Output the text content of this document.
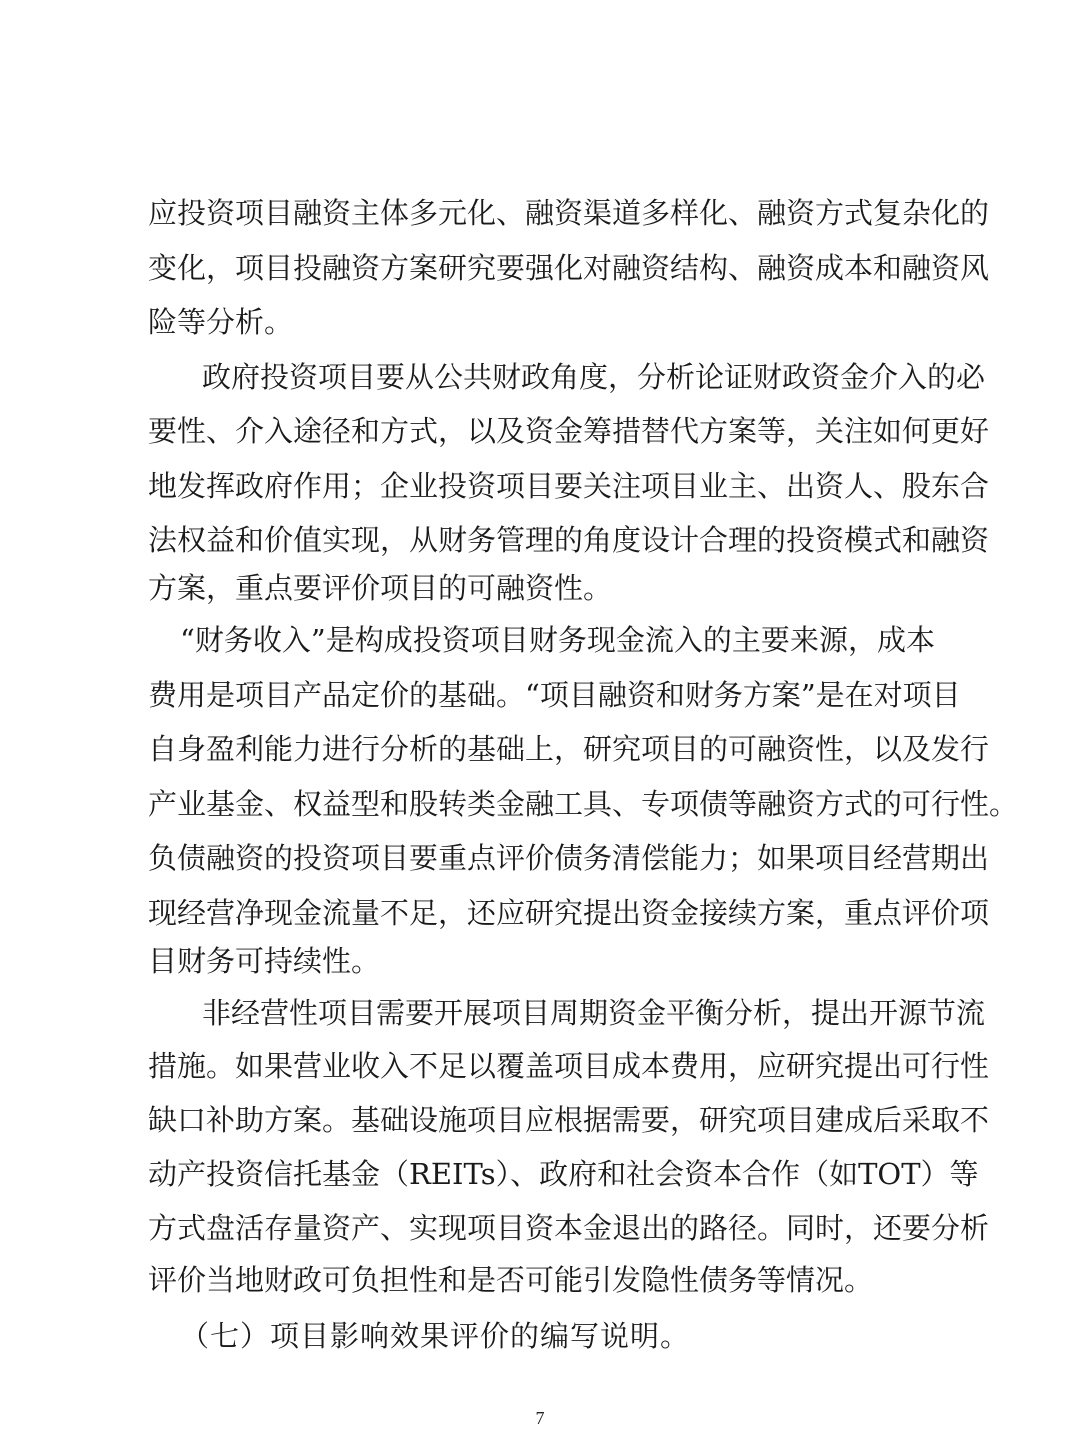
应投资项目融资主体多元化、融资渠道多样化、融资方式复杂化的
变化，项目投融资方案研究要强化对融资结构、融资成本和融资风
险等分析。
政府投资项目要从公共财政角度，分析论证财政资金介入的必
要性、介入途径和方式，以及资金筹措替代方案等，关注如何更好
地发挥政府作用；企业投资项目要关注项目业主、出资人、股东合
法权益和价值实现，从财务管理的角度设计合理的投资模式和融资
方案，重点要评价项目的可融资性。
“财务收入”是构成投资项目财务现金流入的主要来源，成本
费用是项目产品定价的基础。“项目融资和财务方案”是在对项目
自身盈利能力进行分析的基础上，研究项目的可融资性，以及发行
产业基金、权益型和股转类金融工具、专项债等融资方式的可行性。
负债融资的投资项目要重点评价债务清偿能力；如果项目经营期出
现经营净现金流量不足，还应研究提出资金接续方案，重点评价项
目财务可持续性。
非经营性项目需要开展项目周期资金平衡分析，提出开源节流
措施。如果营业收入不足以覆盖项目成本费用，应研究提出可行性
缺口补助方案。基础设施项目应根据需要，研究项目建成后采取不
动产投资信托基金（REITs）、政府和社会资本合作（如TOT）等
方式盘活存量资产、实现项目资本金退出的路径。同时，还要分析
评价当地财政可负担性和是否可能引发隐性债务等情况。
（七）项目影响效果评价的编写说明。
7
